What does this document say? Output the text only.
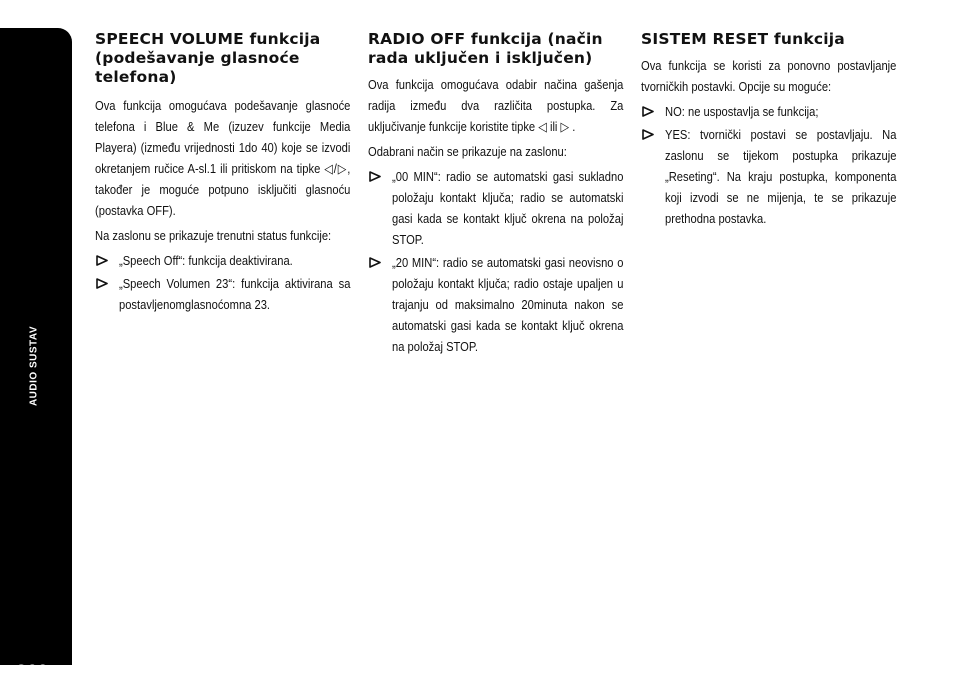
AUDIO SUSTAV
266
SPEECH VOLUME funkcija (podešavanje glasnoće telefona)

Ova funkcija omogućava podešavanje glasnoće telefona i Blue & Me (izuzev funkcije Media Playera) (između vrijednosti 1do 40) koje se izvodi okretanjem ručice A-sl.1 ili pritiskom na tipke ◁/▷, također je moguće potpuno isključiti glasnoću (postavka OFF).

Na zaslonu se prikazuje trenutni status funkcije:

„Speech Off“: funkcija deaktivirana.
„Speech Volumen 23“: funkcija aktivirana sa postavljenomglasnoćomna 23.
RADIO OFF funkcija (način rada uključen i isključen)

Ova funkcija omogućava odabir načina gašenja radija između dva različita postupka. Za uključivanje funkcije koristite tipke ◁ ili ▷ .

Odabrani način se prikazuje na zaslonu:

„00 MIN“: radio se automatski gasi sukladno položaju kontakt ključa; radio se automatski gasi kada se kontakt ključ okrena na položaj STOP.
„20 MIN“: radio se automatski gasi neovisno o položaju kontakt ključa; radio ostaje upaljen u trajanju od maksimalno 20minuta nakon se automatski gasi kada se kontakt ključ okrena na položaj STOP.
SISTEM RESET funkcija

Ova funkcija se koristi za ponovno postavljanje tvorničkih postavki. Opcije su moguće:

NO: ne uspostavlja se funkcija;
YES: tvornički postavi se postavljaju. Na zaslonu se tijekom postupka prikazuje „Reseting“. Na kraju postupka, komponenta koji izvodi se ne mijenja, te se prikazuje prethodna postavka.
